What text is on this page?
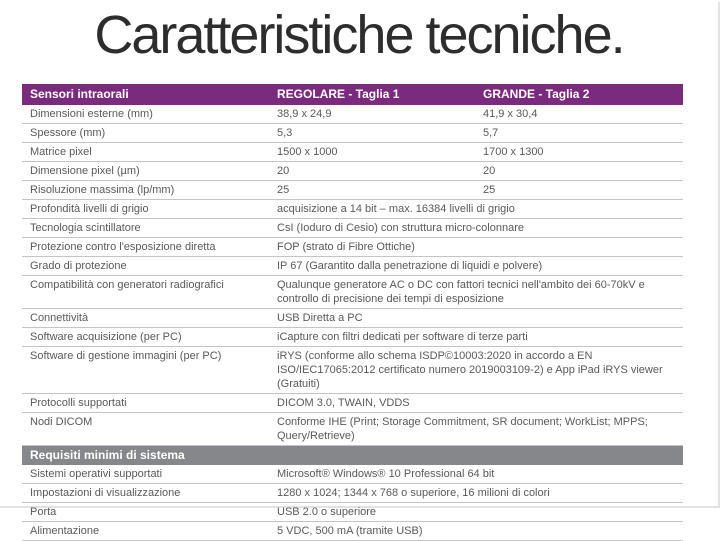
Caratteristiche tecniche.
Sensori intraorali	REGOLARE - Taglia 1	GRANDE - Taglia 2
Dimensioni esterne (mm)	38,9 x 24,9	41,9 x 30,4
Spessore (mm)	5,3	5,7
Matrice pixel	1500 x 1000	1700 x 1300
Dimensione pixel (µm)	20	20
Risoluzione massima (lp/mm)	25	25
Profondità livelli di grigio	acquisizione a 14 bit – max. 16384 livelli di grigio
Tecnologia scintillatore	CsI (Ioduro di Cesio) con struttura micro-colonnare
Protezione contro l'esposizione diretta	FOP (strato di Fibre Ottiche)
Grado di protezione	IP 67 (Garantito dalla penetrazione di liquidi e polvere)
Compatibilità con generatori radiografici	Qualunque generatore AC o DC con fattori tecnici nell'ambito dei 60-70kV e controllo di precisione dei tempi di esposizione
Connettività	USB Diretta a PC
Software acquisizione (per PC)	iCapture con filtri dedicati per software di terze parti
Software di gestione immagini (per PC)	iRYS (conforme allo schema ISDP©10003:2020 in accordo a EN ISO/IEC17065:2012 certificato numero 2019003109-2) e App iPad iRYS viewer (Gratuiti)
Protocolli supportati	DICOM 3.0, TWAIN, VDDS
Nodi DICOM	Conforme IHE (Print; Storage Commitment, SR document; WorkList; MPPS; Query/Retrieve)
Requisiti minimi di sistema
Sistemi operativi supportati	Microsoft® Windows® 10 Professional 64 bit
Impostazioni di visualizzazione	1280 x 1024; 1344 x 768 o superiore, 16 milioni di colori
Porta	USB 2.0 o superiore
Alimentazione	5 VDC, 500 mA (tramite USB)
